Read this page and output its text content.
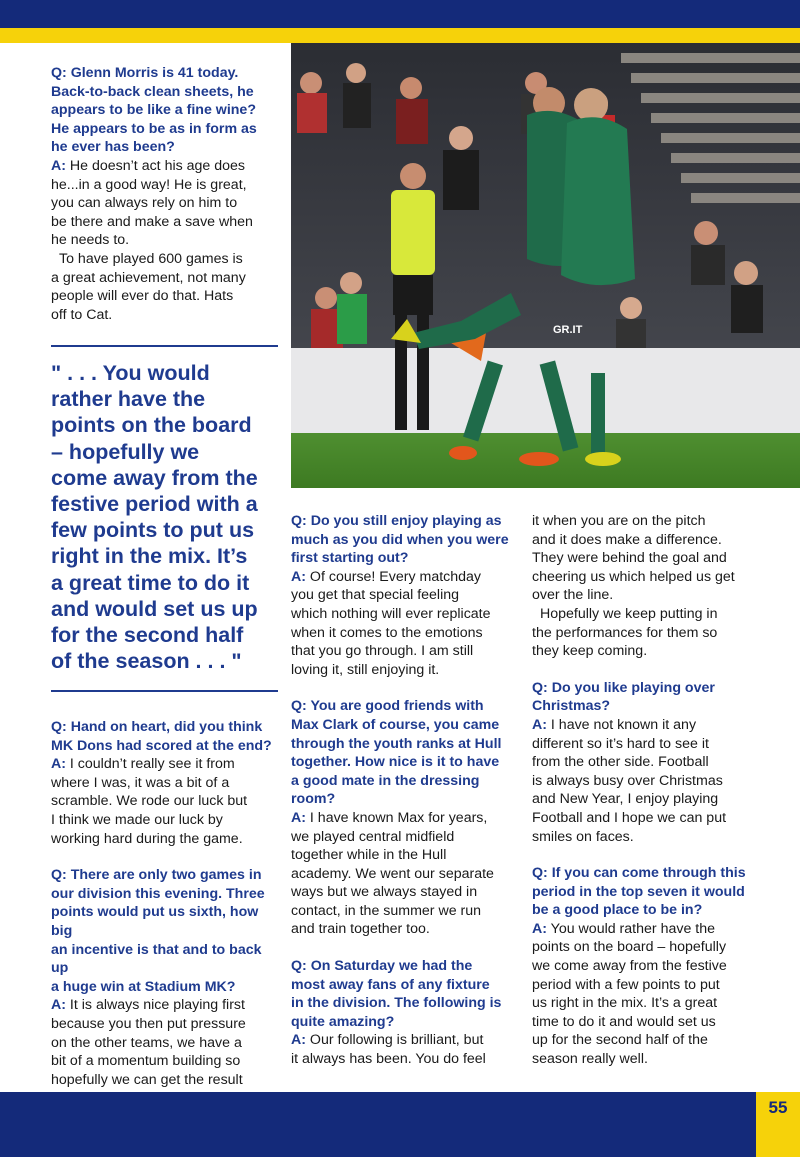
GR.IT
Q: Glenn Morris is 41 today.
Back-to-back clean sheets, he
appears to be like a fine wine?
He appears to be as in form as
he ever has been?
A: He doesn’t act his age does
he...in a good way! He is great,
you can always rely on him to
be there and make a save when
he needs to.
To have played 600 games is
a great achievement, not many
people will ever do that. Hats
off to Cat.
" . . . You would
rather have the
points on the board
– hopefully we
come away from the
festive period with a
few points to put us
right in the mix. It’s
a great time to do it
and would set us up
for the second half
of the season . . . "
Q: Hand on heart, did you think
MK Dons had scored at the end?
A: I couldn’t really see it from
where I was, it was a bit of a
scramble. We rode our luck but
I think we made our luck by
working hard during the game.
Q: There are only two games in
our division this evening. Three
points would put us sixth, how big
an incentive is that and to back up
a huge win at Stadium MK?
A: It is always nice playing first
because you then put pressure
on the other teams, we have a
bit of a momentum building so
hopefully we can get the result
Q: Do you still enjoy playing as
much as you did when you were
first starting out?
A: Of course! Every matchday
you get that special feeling
which nothing will ever replicate
when it comes to the emotions
that you go through. I am still
loving it, still enjoying it.
Q: You are good friends with
Max Clark of course, you came
through the youth ranks at Hull
together. How nice is it to have
a good mate in the dressing
room?
A: I have known Max for years,
we played central midfield
together while in the Hull
academy. We went our separate
ways but we always stayed in
contact, in the summer we run
and train together too.
Q: On Saturday we had the
most away fans of any fixture
in the division. The following is
quite amazing?
A: Our following is brilliant, but
it always has been. You do feel
it when you are on the pitch
and it does make a difference.
They were behind the goal and
cheering us which helped us get
over the line.
Hopefully we keep putting in
the performances for them so
they keep coming.
Q: Do you like playing over
Christmas?
A: I have not known it any
different so it’s hard to see it
from the other side. Football
is always busy over Christmas
and New Year, I enjoy playing
Football and I hope we can put
smiles on faces.
Q: If you can come through this
period in the top seven it would
be a good place to be in?
A: You would rather have the
points on the board – hopefully
we come away from the festive
period with a few points to put
us right in the mix. It’s a great
time to do it and would set us
up for the second half of the
season really well.
55
